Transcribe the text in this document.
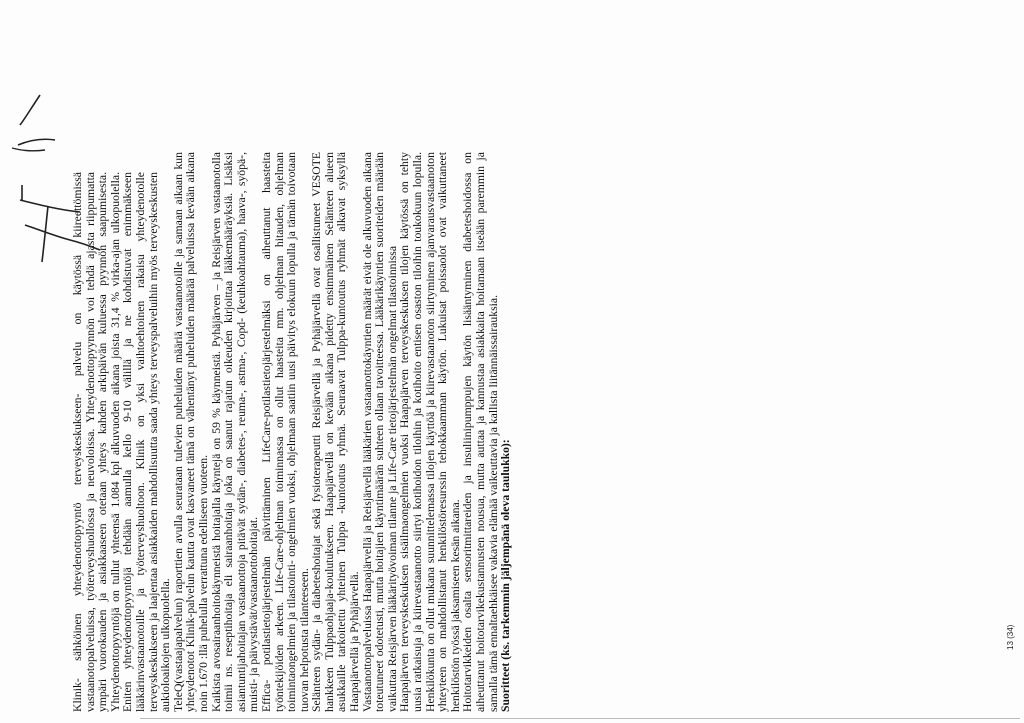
Klinik- sähköinen yhteydenottopyyntö terveyskeskukseen- palvelu on käytössä kiireettömissä vastaanotopalveluissa, työterveyshuollossa ja neuvoloissa. Yhteydenottopyynnön voi tehdä ajasta riippumatta ympäri vuorokauden ja asiakkaaseen otetaan yhteys kahden arkipäivän kuluessa pyynnön saapumisesta. Yhteydenottopyyntöjä on tullut yhteensä 1.084 kpl alkuvuoden aikana joista 31,4 % virka-ajan ulkopuolella. Eniten yhteydenottopyyntöjä tehdään aamulla kello 9-10 välillä ja ne kohdistuvat enimmäkseen lääkärinvastaanotoille ja työterveyshuoltoon. Klinik on yksi vaihtoehtoinen rakaisu yhteydenotolle terveyskeskukseen ja laajentaa asiakkaiden mahdollisuutta saada yhteys terveyspalveluihin myös terveyskeskusten aukioloaikojen ulkopuolella. TeleQ(vastaajapalvelun) raporttien avulla seurataan tulevien puheluiden määriä vastaanotoille ja samaan aikaan kun yhteydenotot Klinik-palvelun kautta ovat kasvaneet tämä on vähentänyt puheluiden määrää palveluissa kevään aikana noin 1.670 :llä puhelulla verrattuna edelliseen vuoteen. Kaikista avosairaanhoitokäynneistä hoitajalla käyntejä on 59 % käynneistä. Pyhäjärven – ja Reisjärven vastaanotolla toimii ns. reseptihoitaja eli sairaanhoitaja joka on saanut rajatun oikeuden kirjoittaa lääkemääräyksiä. Lisäksi asiantuntijahoitajan vastaanottoja pitävät sydän-, diabetes-, reuma-, astma-, Copd- (keuhkoahtauma), haava-, syöpä-, muisti- ja päivystävät/vastaanottohoitajat. Effica- potilastietojärjestelmän päivittäminen LifeCare-potilastietojärjestelmäksi on aiheuttanut haasteita työntekijöiden arkeen. Life-Care-ohjelman toiminnassa on ollut haasteita mm. ohjelman hitauden, ohjelman toimintaongelmien ja tilastointi- ongelmien vuoksi, ohjelmaan saatiin uusi päivitys elokuun lopulla ja tämän toivotaan tuovan helpotusta tilanteeseen. Selänteen sydän- ja diabeteshoitajat sekä fysioterapeutti Reisjärvellä ja Pyhäjärvellä ovat osallistuneet VESOTE hankkeen Tulppaohjaaja-koulutukseen. Haapajärvellä on kevään aikana pidetty ensimmäinen Selänteen alueen asukkaille tarkoitettu yhteinen Tulppa -kuntoutus ryhmä. Seuraavat Tulppa-kuntoutus ryhmät alkavat syksyllä Haapajärvellä ja Pyhäjärvellä. Vastaanottopalveluissa Haapajärvellä ja Reisjärvellä lääkärien vastaanottokäyntien määrät eivät ole alkuvuoden aikana toteutuneet odotetusti, mutta hoitajien käyntimäärän suhteen ollaan tavoitteessa. Lääkärikäyntien suoriteiden määrään vaikuttaa Reisjärven lääkärityövoiman tilanne ja Life-Care tietojärjestelmän ongelmat tilastoinnissa Haapajärven terveyskeskuksen sisäilmaongelmien vuoksi Haapajärven terveyskeskuksen tilojen käytössä on tehty uusia ratkaisuja ja kiirevastaanotto siirtyi kotihoidon tiloihin ja kotihoito entisen osaston tiloihin toukokuun lopulla. Henkilökunta on ollut mukana suunnittelemassa tilojen käyttöä ja kiirevastaanoton siirtyminen ajanvarausvastaanoton yhteyteen on mahdollistanut henkilöstöresurssin tehokkaamman käytön. Lukuisat poissaolot ovat vaikuttaneet henkilöstön työssä jaksamiseen kesän aikana. Hoitotarvikkeiden osalta sensoritmittareiden ja insuliinipumppujen käytön lisääntyminen diabeteshoidossa on aiheuttanut hoitotarvikekustannusten nousua, mutta auttaa ja kannustaa asiakkaita hoitamaan itseään paremmin ja samalla tämä ennaltaehkäisee vakavia elämää vaikeuttavia ja kallista liitännäissairauksia. Suoritteet (ks. tarkemmin jäljempänä oleva taulukko):	13 (34)
